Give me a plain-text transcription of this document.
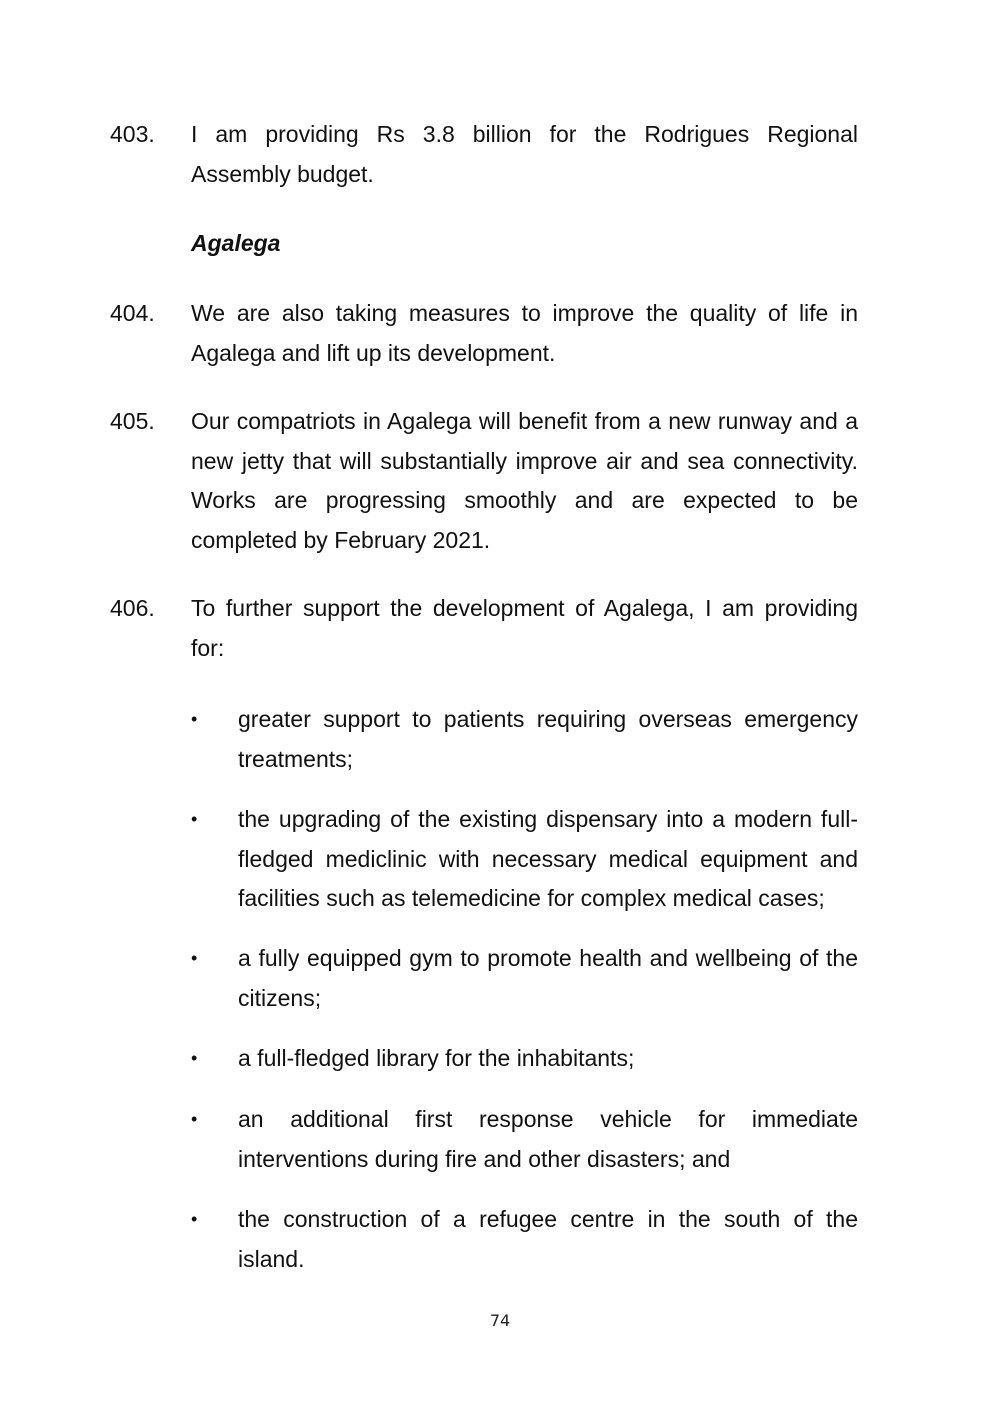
403.	I am providing Rs 3.8 billion for the Rodrigues Regional Assembly budget.
Agalega
404.	We are also taking measures to improve the quality of life in Agalega and lift up its development.
405.	Our compatriots in Agalega will benefit from a new runway and a new jetty that will substantially improve air and sea connectivity. Works are progressing smoothly and are expected to be completed by February 2021.
406.	To further support the development of Agalega, I am providing for:
•	greater support to patients requiring overseas emergency treatments;
•	the upgrading of the existing dispensary into a modern full-fledged mediclinic with necessary medical equipment and facilities such as telemedicine for complex medical cases;
•	a fully equipped gym to promote health and wellbeing of the citizens;
•	a full-fledged library for the inhabitants;
•	an additional first response vehicle for immediate interventions during fire and other disasters; and
•	the construction of a refugee centre in the south of the island.
74
